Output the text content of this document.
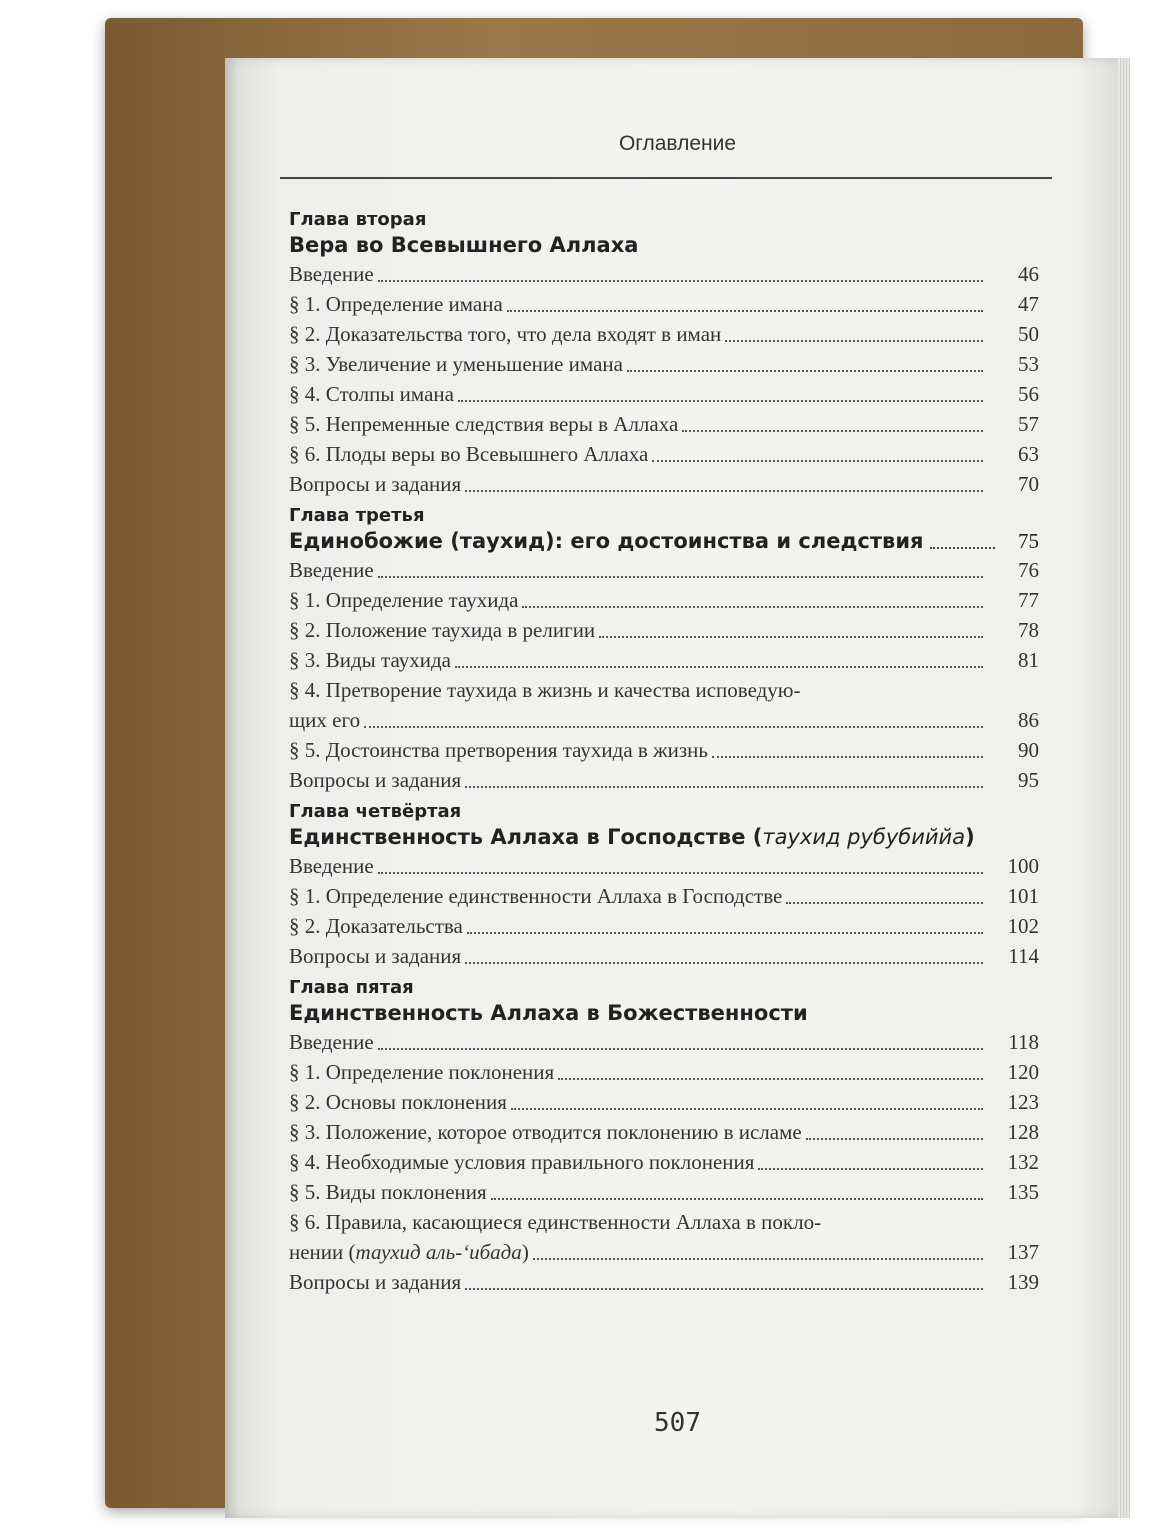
Оглавление
Глава вторая
Вера во Всевышнего Аллаха
Введение	46
§ 1. Определение имана	47
§ 2. Доказательства того, что дела входят в иман	50
§ 3. Увеличение и уменьшение имана	53
§ 4. Столпы имана	56
§ 5. Непременные следствия веры в Аллаха	57
§ 6. Плоды веры во Всевышнего Аллаха	63
Вопросы и задания	70
Глава третья
Единобожие (таухид): его достоинства и следствия	75
Введение	76
§ 1. Определение таухида	77
§ 2. Положение таухида в религии	78
§ 3. Виды таухида	81
§ 4. Претворение таухида в жизнь и качества исповедую-
щих его	86
§ 5. Достоинства претворения таухида в жизнь	90
Вопросы и задания	95
Глава четвёртая
Единственность Аллаха в Господстве ( таухид рубубиййа )
Введение	100
§ 1. Определение единственности Аллаха в Господстве	101
§ 2. Доказательства	102
Вопросы и задания	114
Глава пятая
Единственность Аллаха в Божественности
Введение	118
§ 1. Определение поклонения	120
§ 2. Основы поклонения	123
§ 3. Положение, которое отводится поклонению в исламе	128
§ 4. Необходимые условия правильного поклонения	132
§ 5. Виды поклонения	135
§ 6. Правила, касающиеся единственности Аллаха в покло-
нении (таухид аль-‘ибада)	137
Вопросы и задания	139
507
